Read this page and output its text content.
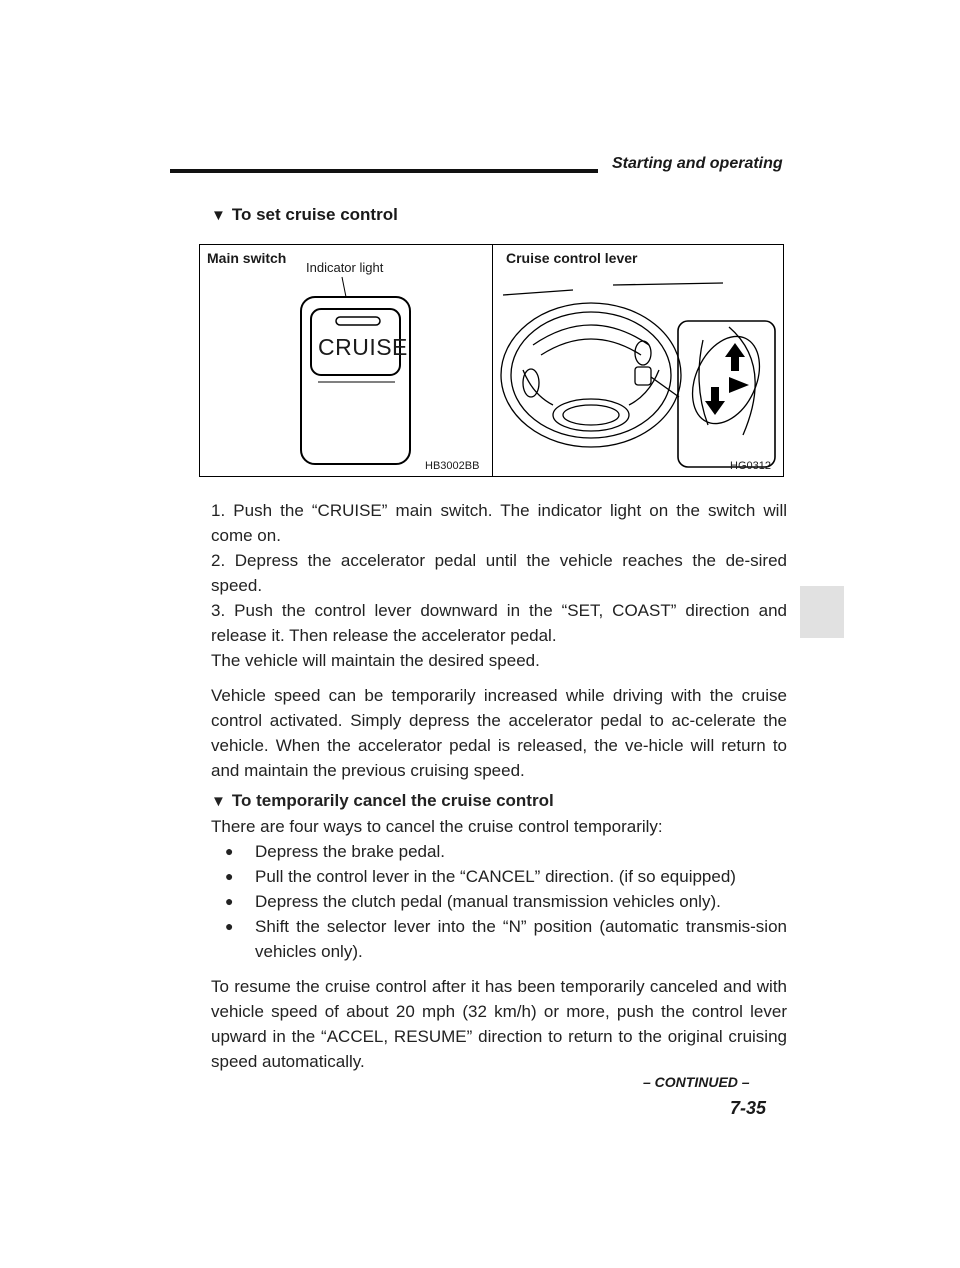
Starting and operating
▼ To set cruise control
Main switch
Indicator light
CRUISE
HB3002BB
Cruise control lever
HG0312

1. Push the “CRUISE” main switch. The indicator light on the switch will come on.

2. Depress the accelerator pedal until the vehicle reaches the de-sired speed.

3. Push the control lever downward in the “SET, COAST” direction and release it. Then release the accelerator pedal.

The vehicle will maintain the desired speed.

Vehicle speed can be temporarily increased while driving with the cruise control activated. Simply depress the accelerator pedal to ac-celerate the vehicle. When the accelerator pedal is released, the ve-hicle will return to and maintain the previous cruising speed.

▼ To temporarily cancel the cruise control

There are four ways to cancel the cruise control temporarily:

●	Depress the brake pedal.
●	Pull the control lever in the “CANCEL” direction. (if so equipped)
●	Depress the clutch pedal (manual transmission vehicles only).
●	Shift the selector lever into the “N” position (automatic transmis-sion vehicles only).

To resume the cruise control after it has been temporarily canceled and with vehicle speed of about 20 mph (32 km/h) or more, push the control lever upward in the “ACCEL, RESUME” direction to return to the original cruising speed automatically.

– CONTINUED –
7-35
